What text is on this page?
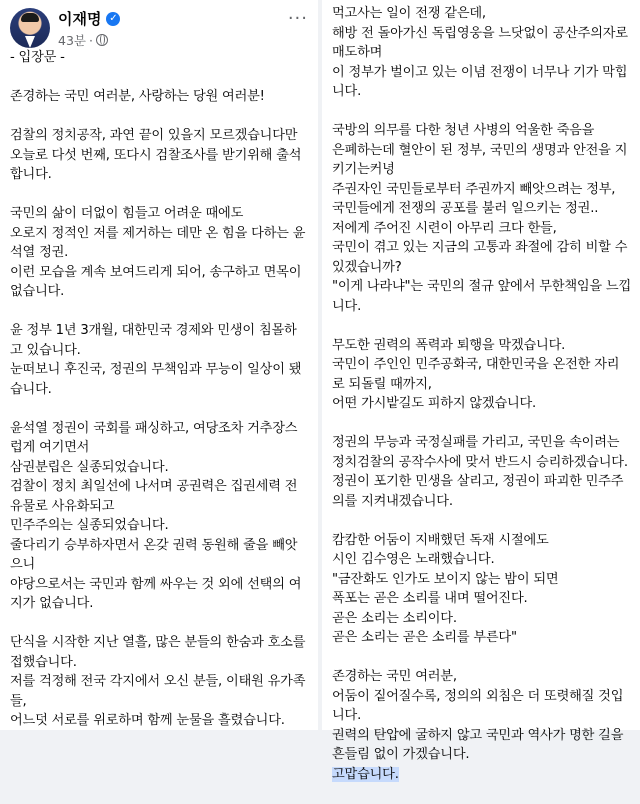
이재명 ✓
43분 ·
···
- 입장문 -
존경하는 국민 여러분, 사랑하는 당원 여러분!
검찰의 정치공작, 과연 끝이 있을지 모르겠습니다만
오늘로 다섯 번째, 또다시 검찰조사를 받기위해 출석
합니다.
국민의 삶이 더없이 힘들고 어려운 때에도
오로지 정적인 저를 제거하는 데만 온 힘을 다하는 윤
석열 정권.
이런 모습을 계속 보여드리게 되어, 송구하고 면목이
없습니다.
윤 정부 1년 3개월, 대한민국 경제와 민생이 침몰하
고 있습니다.
눈떠보니 후진국, 정권의 무책임과 무능이 일상이 됐
습니다.
윤석열 정권이 국회를 패싱하고, 여당조차 거추장스
럽게 여기면서
삼권분립은 실종되었습니다.
검찰이 정치 최일선에 나서며 공권력은 집권세력 전
유물로 사유화되고
민주주의는 실종되었습니다.
줄다리기 승부하자면서 온갖 권력 동원해 줄을 빼앗
으니
야당으로서는 국민과 함께 싸우는 것 외에 선택의 여
지가 없습니다.
단식을 시작한 지난 열흘, 많은 분들의 한숨과 호소를
접했습니다.
저를 걱정해 전국 각지에서 오신 분들, 이태원 유가족
들,
어느덧 서로를 위로하며 함께 눈물을 흘렸습니다.
먹고사는 일이 전쟁 같은데,
해방 전 돌아가신 독립영웅을 느닷없이 공산주의자로
매도하며
이 정부가 벌이고 있는 이념 전쟁이 너무나 기가 막힙
니다.
국방의 의무를 다한 청년 사병의 억울한 죽음을
은폐하는데 혈안이 된 정부, 국민의 생명과 안전을 지
키기는커녕
주권자인 국민들로부터 주권까지 빼앗으려는 정부,
국민들에게 전쟁의 공포를 불러 일으키는 정권..
저에게 주어진 시련이 아무리 크다 한들,
국민이 겪고 있는 지금의 고통과 좌절에 감히 비할 수
있겠습니까?
"이게 나라냐"는 국민의 절규 앞에서 무한책임을 느낍
니다.
무도한 권력의 폭력과 퇴행을 막겠습니다.
국민이 주인인 민주공화국, 대한민국을 온전한 자리
로 되돌릴 때까지,
어떤 가시밭길도 피하지 않겠습니다.
정권의 무능과 국정실패를 가리고, 국민을 속이려는
정치검찰의 공작수사에 맞서 반드시 승리하겠습니다.
정권이 포기한 민생을 살리고, 정권이 파괴한 민주주
의를 지켜내겠습니다.
캄캄한 어둠이 지배했던 독재 시절에도
시인 김수영은 노래했습니다.
"금잔화도 인가도 보이지 않는 밤이 되면
폭포는 곧은 소리를 내며 떨어진다.
곧은 소리는 소리이다.
곧은 소리는 곧은 소리를 부른다"
존경하는 국민 여러분,
어둠이 짙어질수록, 정의의 외침은 더 또렷해질 것입
니다.
권력의 탄압에 굴하지 않고 국민과 역사가 명한 길을
흔들림 없이 가겠습니다.
고맙습니다.
